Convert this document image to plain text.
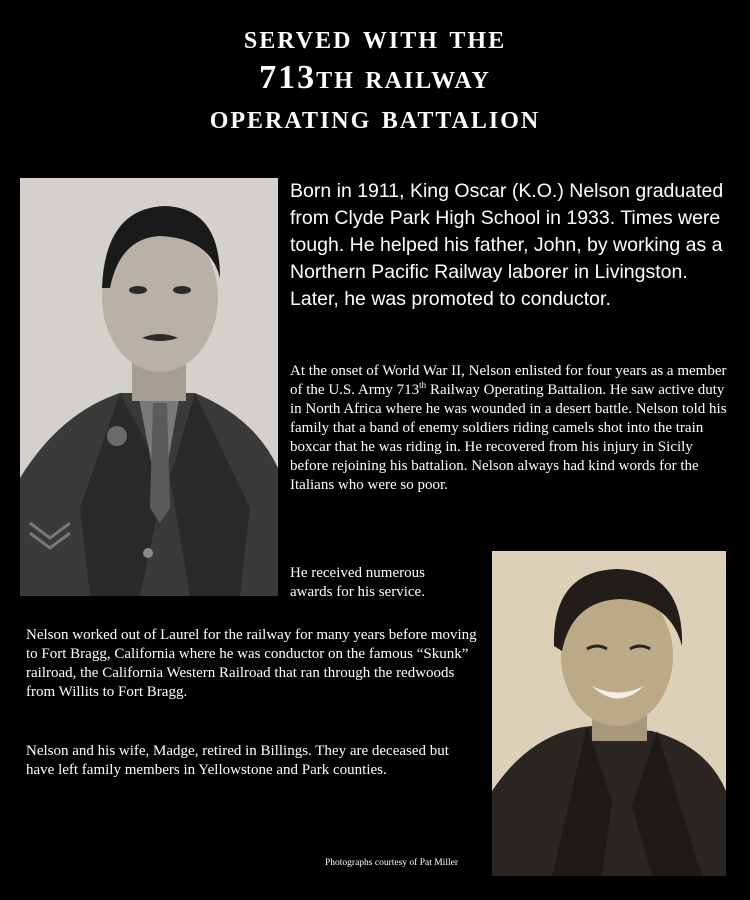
served with the
713th railway
operating battalion

Born in 1911, King Oscar (K.O.) Nelson graduated from Clyde Park High School in 1933. Times were tough. He helped his father, John, by working as a Northern Pacific Railway laborer in Livingston. Later, he was promoted to conductor.

At the onset of World War II, Nelson enlisted for four years as a member of the U.S. Army 713th Railway Operating Battalion. He saw active duty in North Africa where he was wounded in a desert battle. Nelson told his family that a band of enemy soldiers riding camels shot into the train boxcar that he was riding in. He recovered from his injury in Sicily before rejoining his battalion. Nelson always had kind words for the Italians who were so poor.

He received numerous awards for his service.

Nelson worked out of Laurel for the railway for many years before moving to Fort Bragg, California where he was conductor on the famous “Skunk” railroad, the California Western Railroad that ran through the redwoods from Willits to Fort Bragg.

Nelson and his wife, Madge, retired in Billings. They are deceased but have left family members in Yellowstone and Park counties.

Photographs courtesy of Pat Miller
